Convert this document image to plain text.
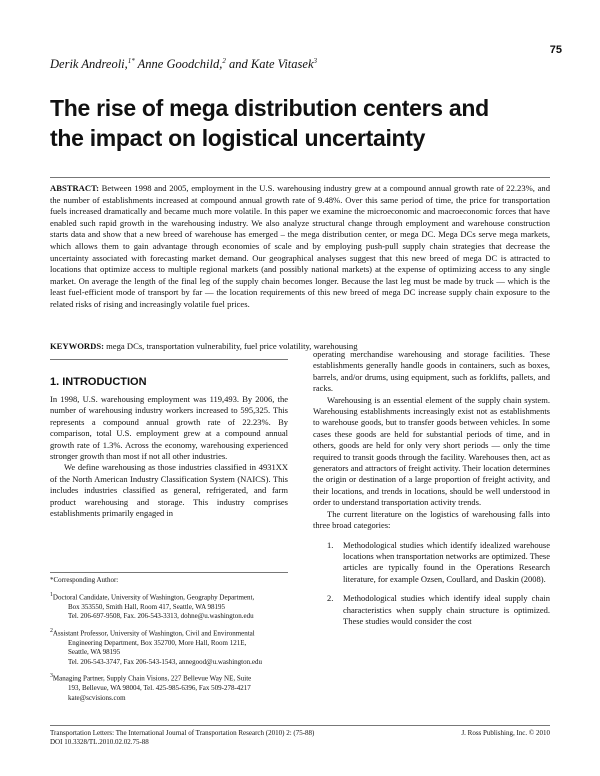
75
Derik Andreoli,$^{1*}$ Anne Goodchild,$^2$ and Kate Vitasek$^3$
The rise of mega distribution centers and
the impact on logistical uncertainty
ABSTRACT: Between 1998 and 2005, employment in the U.S. warehousing industry grew at a compound annual growth rate of 22.23%, and the number of establishments increased at compound annual growth rate of 9.48%. Over this same period of time, the price for transportation fuels increased dramatically and became much more volatile. In this paper we examine the microeconomic and macroeconomic forces that have enabled such rapid growth in the warehousing industry. We also analyze structural change through employment and warehouse construction starts data and show that a new breed of warehouse has emerged – the mega distribution center, or mega DC. Mega DCs serve mega markets, which allows them to gain advantage through economies of scale and by employing push-pull supply chain strategies that decrease the uncertainty associated with forecasting market demand. Our geographical analyses suggest that this new breed of mega DC is attracted to locations that optimize access to multiple regional markets (and possibly national markets) at the expense of optimizing access to any single market. On average the length of the final leg of the supply chain becomes longer. Because the last leg must be made by truck — which is the least fuel-efficient mode of transport by far — the location requirements of this new breed of mega DC increase supply chain exposure to the related risks of rising and increasingly volatile fuel prices.
KEYWORDS: mega DCs, transportation vulnerability, fuel price volatility, warehousing
1. INTRODUCTION

In 1998, U.S. warehousing employment was 119,493. By 2006, the number of warehousing industry workers increased to 595,325. This represents a compound annual growth rate of 22.23%. By comparison, total U.S. employment grew at a compound annual growth rate of 1.3%. Across the economy, warehousing experienced stronger growth than most if not all other industries.

We define warehousing as those industries classified in 4931XX of the North American Industry Classification System (NAICS). This includes industries classified as general, refrigerated, and farm product warehousing and storage. This industry comprises establishments primarily engaged in

operating merchandise warehousing and storage facilities. These establishments generally handle goods in containers, such as boxes, barrels, and/or drums, using equipment, such as forklifts, pallets, and racks.

Warehousing is an essential element of the supply chain system. Warehousing establishments increasingly exist not as establishments to warehouse goods, but to transfer goods between vehicles. In some cases these goods are held for substantial periods of time, and in others, goods are held for only very short periods — only the time required to transit goods through the facility. Warehouses then, act as generators and attractors of freight activity. Their location determines the origin or destination of a large proportion of freight activity, and their locations, and trends in locations, should be well understood in order to understand transportation activity trends.

The current literature on the logistics of warehousing falls into three broad categories:

1. Methodological studies which identify idealized warehouse locations when transportation networks are optimized. These articles are typically found in the Operations Research literature, for example Ozsen, Coullard, and Daskin (2008).
2. Methodological studies which identify ideal supply chain characteristics when supply chain structure is optimized. These studies would consider the cost
*Corresponding Author:
$^1$Doctoral Candidate, University of Washington, Geography Department,
Box 353550, Smith Hall, Room 417, Seattle, WA 98195
Tel. 206-697-9508, Fax. 206-543-3313, dohne@u.washington.edu
$^2$Assistant Professor, University of Washington, Civil and Environmental
Engineering Department, Box 352700, More Hall, Room 121E,
Seattle, WA 98195
Tel. 206-543-3747, Fax 206-543-1543, annegood@u.washington.edu
$^3$Managing Partner, Supply Chain Visions, 227 Bellevue Way NE, Suite
193, Bellevue, WA 98004, Tel. 425-985-6396, Fax 509-278-4217
kate@scvisions.com
Transportation Letters: The International Journal of Transportation Research (2010) 2: (75-88)
DOI 10.3328/TL.2010.02.02.75-88
J. Ross Publishing, Inc. © 2010
